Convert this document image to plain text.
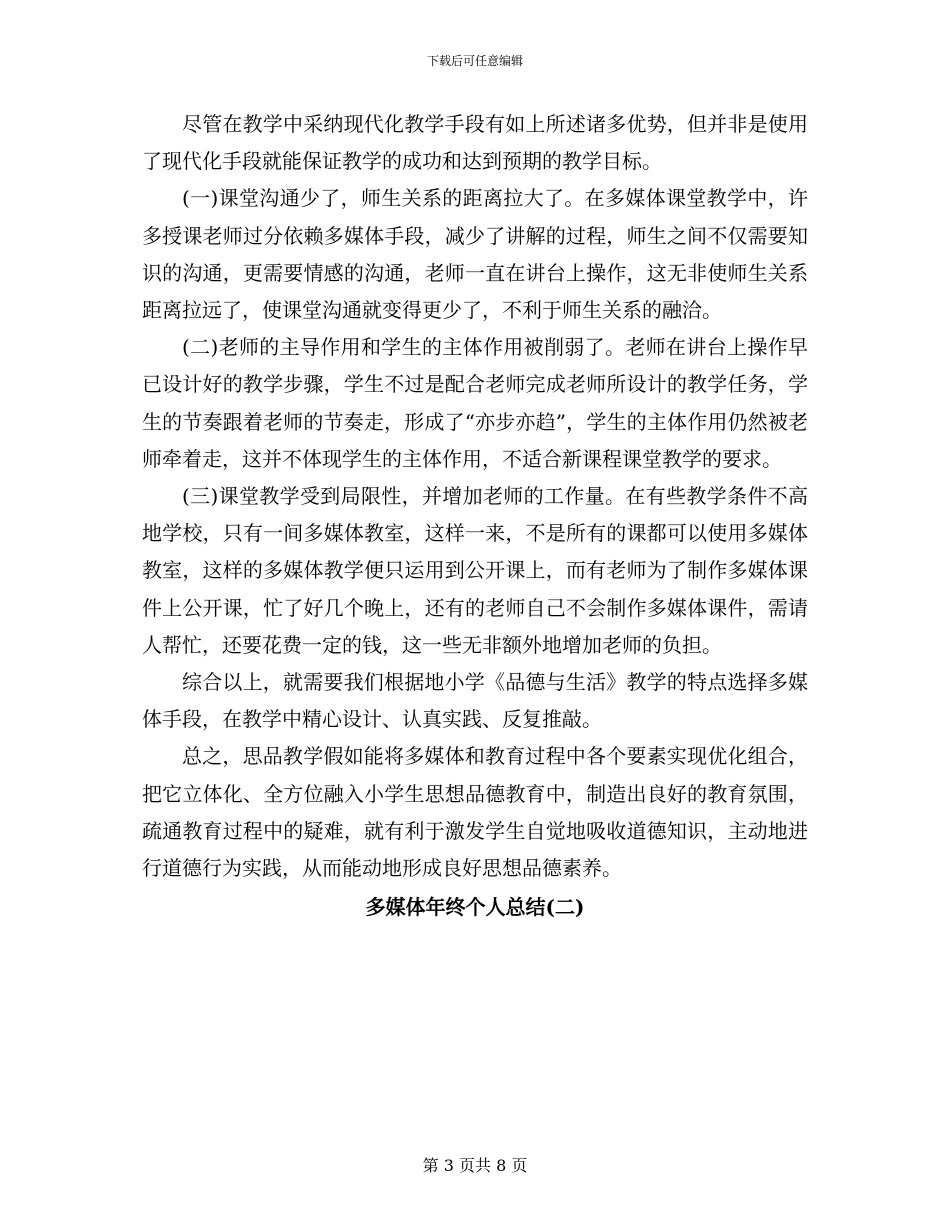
下载后可任意编辑

尽管在教学中采纳现代化教学手段有如上所述诸多优势，但并非是使用了现代化手段就能保证教学的成功和达到预期的教学目标。

(一)课堂沟通少了，师生关系的距离拉大了。在多媒体课堂教学中，许多授课老师过分依赖多媒体手段，减少了讲解的过程，师生之间不仅需要知识的沟通，更需要情感的沟通，老师一直在讲台上操作，这无非使师生关系距离拉远了，使课堂沟通就变得更少了，不利于师生关系的融洽。

(二)老师的主导作用和学生的主体作用被削弱了。老师在讲台上操作早已设计好的教学步骤，学生不过是配合老师完成老师所设计的教学任务，学生的节奏跟着老师的节奏走，形成了“亦步亦趋”，学生的主体作用仍然被老师牵着走，这并不体现学生的主体作用，不适合新课程课堂教学的要求。

(三)课堂教学受到局限性，并增加老师的工作量。在有些教学条件不高地学校，只有一间多媒体教室，这样一来，不是所有的课都可以使用多媒体教室，这样的多媒体教学便只运用到公开课上，而有老师为了制作多媒体课件上公开课，忙了好几个晚上，还有的老师自己不会制作多媒体课件，需请人帮忙，还要花费一定的钱，这一些无非额外地增加老师的负担。

综合以上，就需要我们根据地小学《品德与生活》教学的特点选择多媒体手段，在教学中精心设计、认真实践、反复推敲。

总之，思品教学假如能将多媒体和教育过程中各个要素实现优化组合，把它立体化、全方位融入小学生思想品德教育中，制造出良好的教育氛围，疏通教育过程中的疑难，就有利于激发学生自觉地吸收道德知识，主动地进行道德行为实践，从而能动地形成良好思想品德素养。

多媒体年终个人总结(二)
第 3 页共 8 页
